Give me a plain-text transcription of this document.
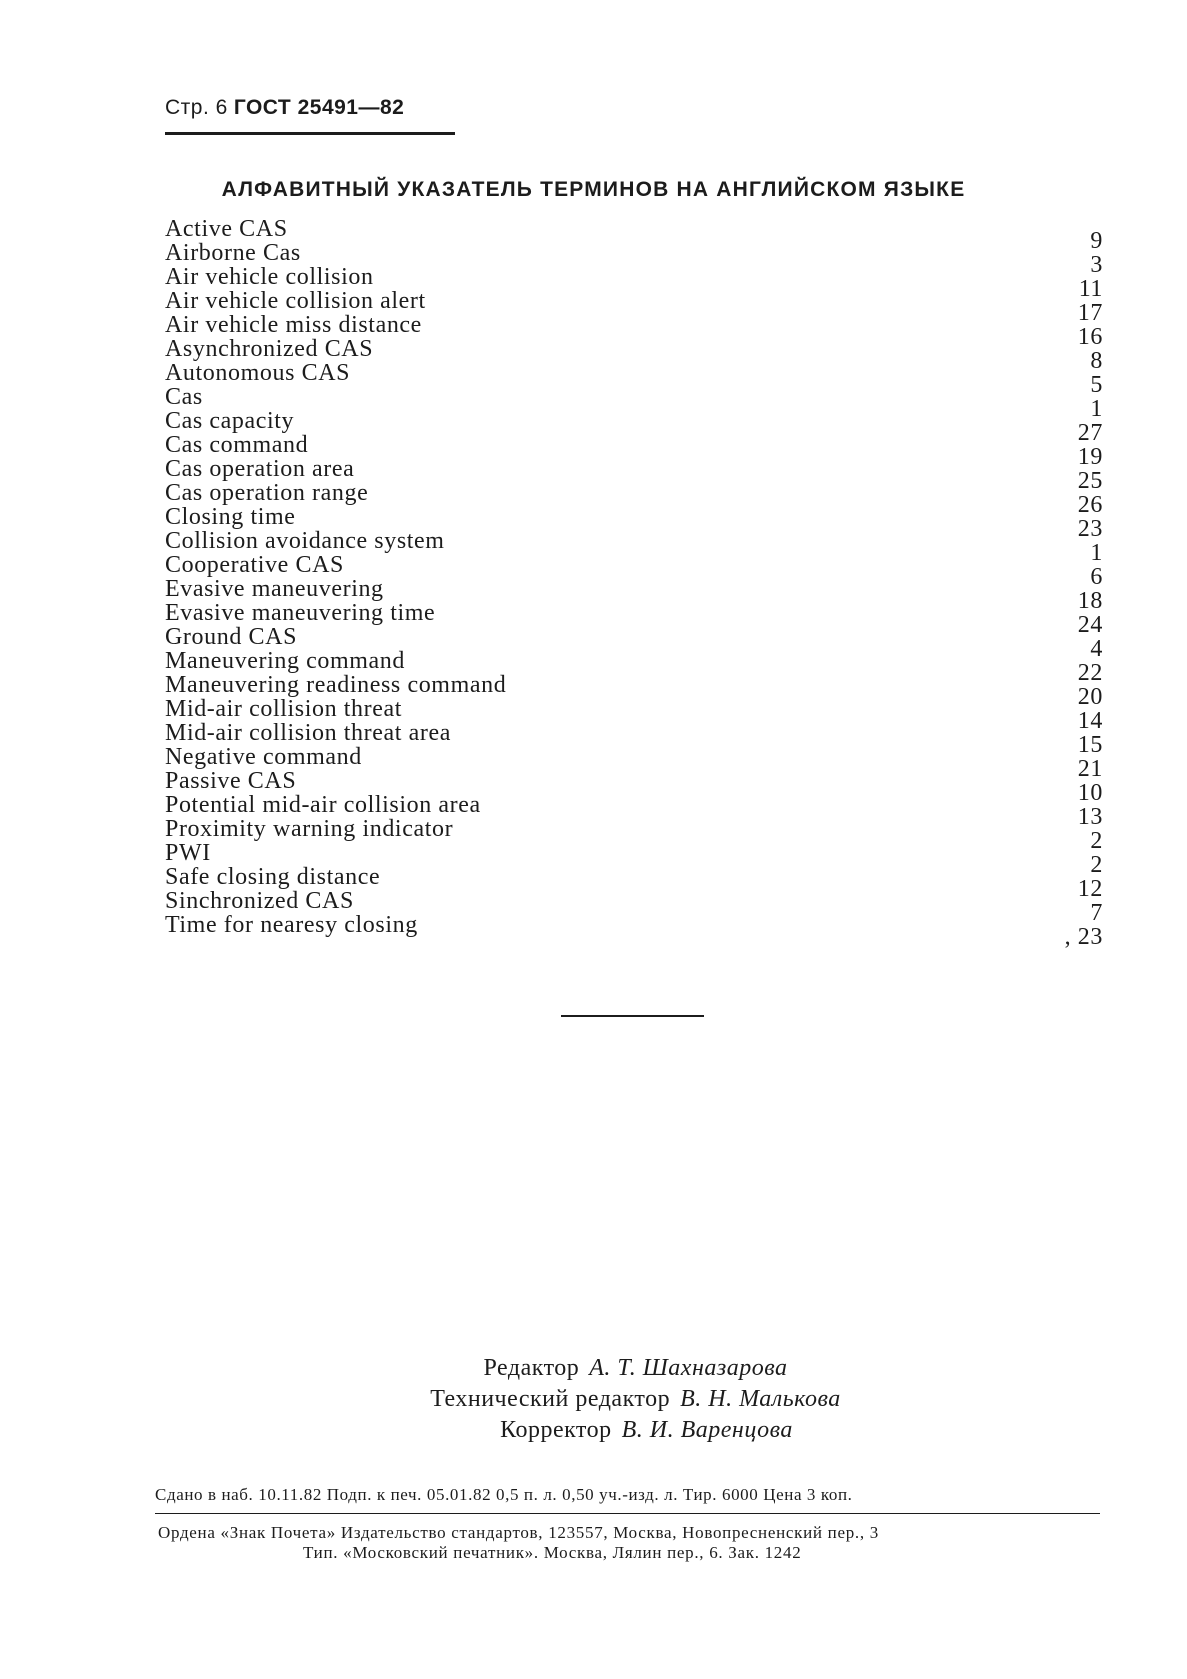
Стр. 6 ГОСТ 25491—82
АЛФАВИТНЫЙ УКАЗАТЕЛЬ ТЕРМИНОВ НА АНГЛИЙСКОМ ЯЗЫКЕ
Active CAS	9
Airborne Cas	3
Air vehicle collision	11
Air vehicle collision alert	17
Air vehicle miss distance	16
Asynchronized CAS	8
Autonomous CAS	5
Cas	1
Cas capacity	27
Cas command	19
Cas operation area	25
Cas operation range	26
Closing time	23
Collision avoidance system	1
Cooperative CAS	6
Evasive maneuvering	18
Evasive maneuvering time	24
Ground CAS	4
Maneuvering command	22
Maneuvering readiness command	20
Mid-air collision threat	14
Mid-air collision threat area	15
Negative command	21
Passive CAS	10
Potential mid-air collision area	13
Proximity warning indicator	2
PWI	2
Safe closing distance	12
Sinchronized CAS	7
Time for nearesy closing	, 23
Редактор А. Т. Шахназарова
Технический редактор В. Н. Малькова
Корректор В. И. Варенцова
Сдано в наб. 10.11.82 Подп. к печ. 05.01.82 0,5 п. л. 0,50 уч.-изд. л. Тир. 6000 Цена 3 коп.
Ордена «Знак Почета» Издательство стандартов, 123557, Москва, Новопресненский пер., 3
Тип. «Московский печатник». Москва, Лялин пер., 6. Зак. 1242
